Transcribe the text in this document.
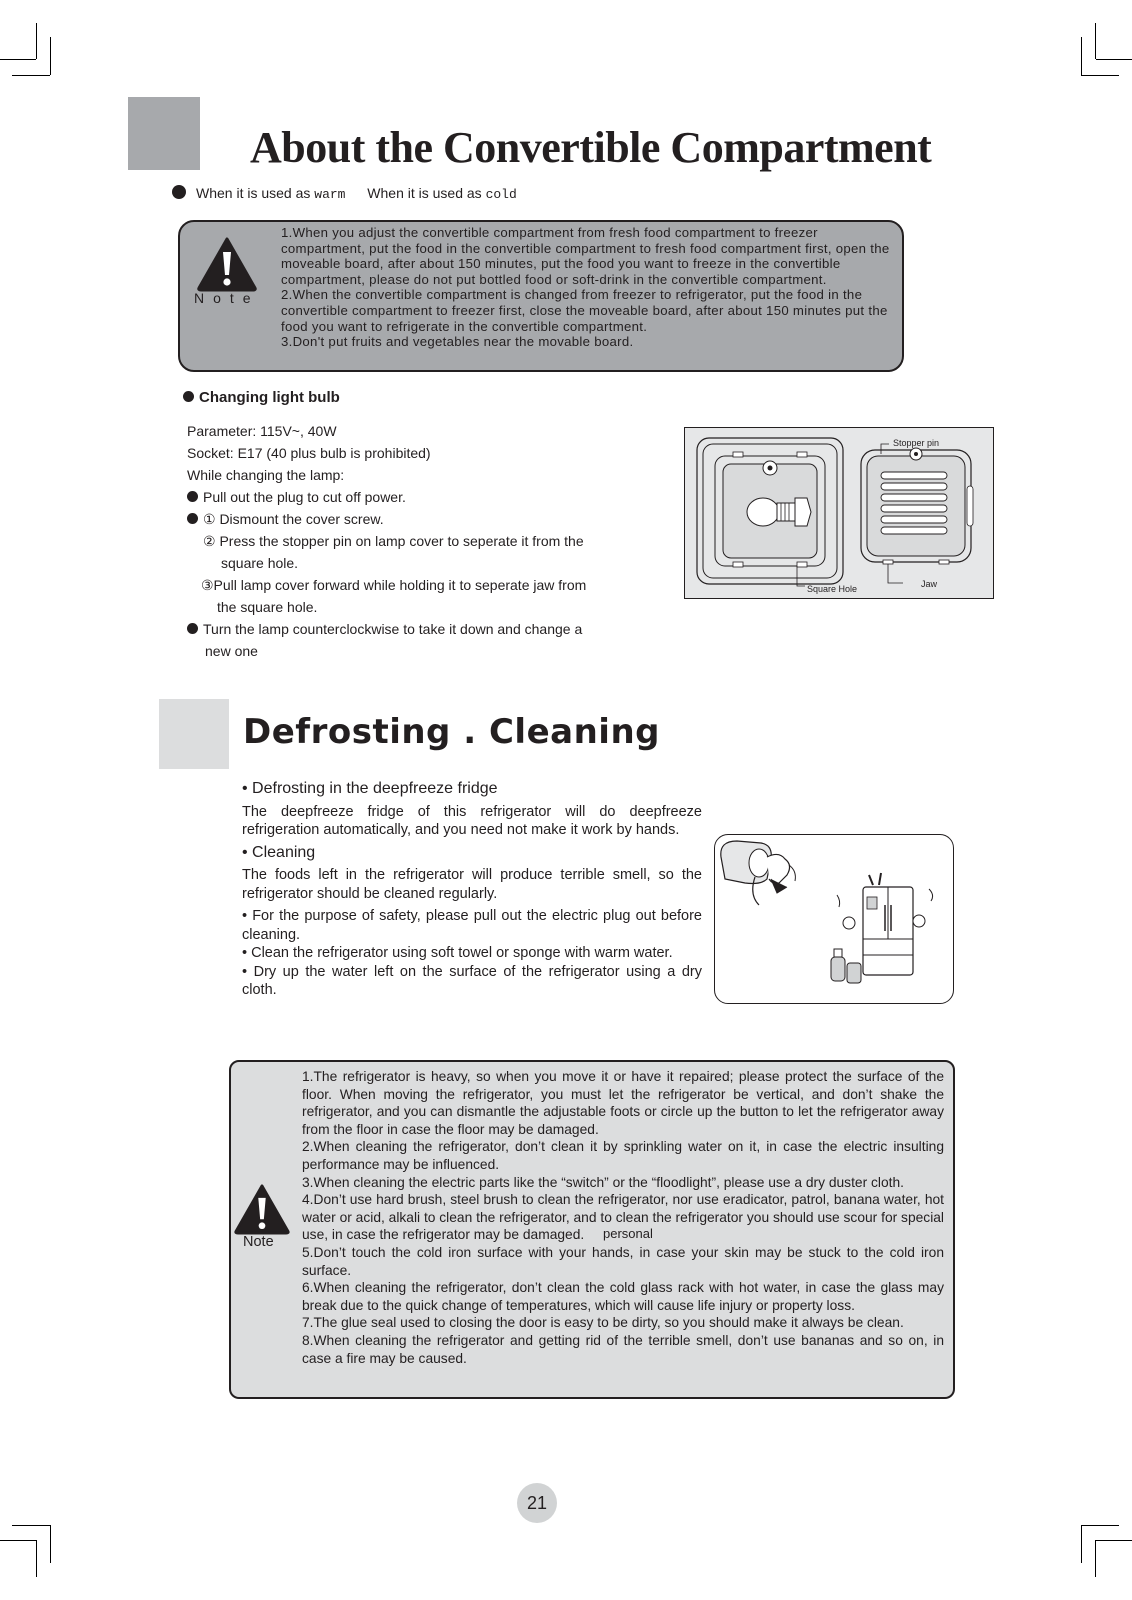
About the Convertible Compartment
When it is used as warm When it is used as cold
Note
1.When you adjust the convertible compartment from fresh food compartment to freezer compartment, put the food in the convertible compartment to fresh food compartment first, open the moveable board, after about 150 minutes, put the food you want to freeze in the convertible compartment, please do not put bottled food or soft-drink in the convertible compartment.
2.When the convertible compartment is changed from freezer to refrigerator, put the food in the convertible compartment to freezer first, close the moveable board, after about 150 minutes put the food you want to refrigerate in the convertible compartment.
3.Don't put fruits and vegetables near the movable board.
Changing light bulb
Parameter: 115V~, 40W
Socket: E17 (40 plus bulb is prohibited)
While changing the lamp:
Pull out the plug to cut off power.
① Dismount the cover screw.
② Press the stopper pin on lamp cover to seperate it from the
square hole.
③Pull lamp cover forward while holding it to seperate jaw from
the square hole.
Turn the lamp counterclockwise to take it down and change a
new one
Stopper pin
Square Hole	Jaw
Defrosting . Cleaning
• Defrosting in the deepfreeze fridge

The deepfreeze fridge of this refrigerator will do deepfreeze refrigeration automatically, and you need not make it work by hands.

• Cleaning

The foods left in the refrigerator will produce terrible smell, so the refrigerator should be cleaned regularly.

• For the purpose of safety, please pull out the electric plug out before cleaning.

• Clean the refrigerator using soft towel or sponge with warm water.

• Dry up the water left on the surface of the refrigerator using a dry cloth.

Note
1.The refrigerator is heavy, so when you move it or have it repaired; please protect the surface of the floor. When moving the refrigerator, you must let the refrigerator be vertical, and don’t shake the refrigerator, and you can dismantle the adjustable foots or circle up the button to let the refrigerator away from the floor in case the floor may be damaged.
2.When cleaning the refrigerator, don’t clean it by sprinkling water on it, in case the electric insulting performance may be influenced.
3.When cleaning the electric parts like the “switch” or the “floodlight”, please use a dry duster cloth.
4.Don’t use hard brush, steel brush to clean the refrigerator, nor use eradicator, patrol, banana water, hot water or acid, alkali to clean the refrigerator, and to clean the refrigerator you should use scour for special use, in case the refrigerator may be damaged.
5.Don’t touch the cold iron surface with your hands, in case your skin may be stuck to the cold iron surface.
6.When cleaning the refrigerator, don’t clean the cold glass rack with hot water, in case the glass may break due to the quick change of temperatures, which will cause life injury or property loss.
7.The glue seal used to closing the door is easy to be dirty, so you should make it always be clean.
8.When cleaning the refrigerator and getting rid of the terrible smell, don’t use bananas and so on, in case a fire may be caused.
personal
21
